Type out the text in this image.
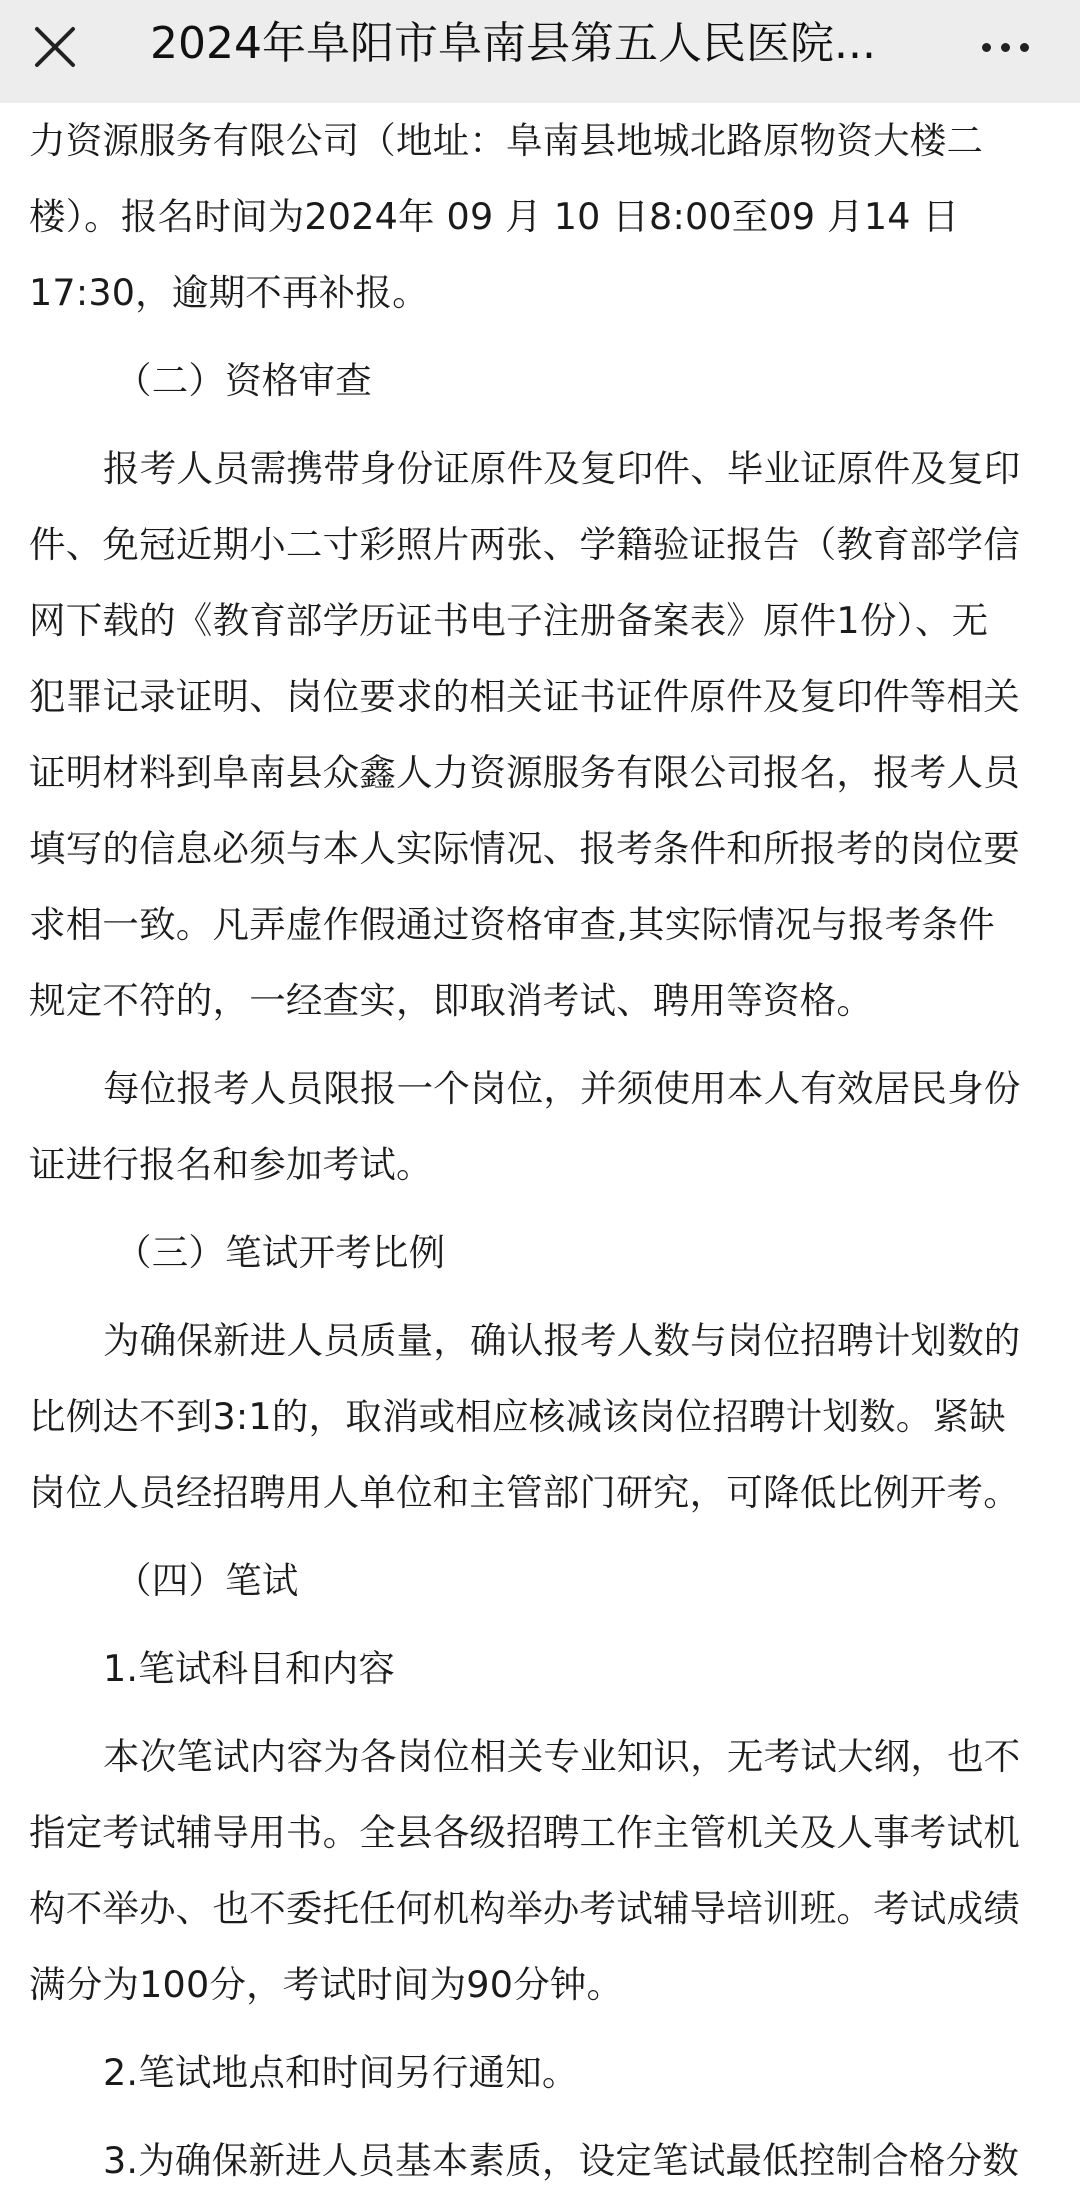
2024年阜阳市阜南县第五人民医院...
力资源服务有限公司（地址：阜南县地城北路原物资大楼二
楼）。报名时间为2024年 09 月 10 日8:00至09 月14 日
17:30，逾期不再补报。
（二）资格审查
报考人员需携带身份证原件及复印件、毕业证原件及复印
件、免冠近期小二寸彩照片两张、学籍验证报告（教育部学信
网下载的《教育部学历证书电子注册备案表》原件1份）、无
犯罪记录证明、岗位要求的相关证书证件原件及复印件等相关
证明材料到阜南县众鑫人力资源服务有限公司报名，报考人员
填写的信息必须与本人实际情况、报考条件和所报考的岗位要
求相一致。凡弄虚作假通过资格审查,其实际情况与报考条件
规定不符的，一经查实，即取消考试、聘用等资格。
每位报考人员限报一个岗位，并须使用本人有效居民身份
证进行报名和参加考试。
（三）笔试开考比例
为确保新进人员质量，确认报考人数与岗位招聘计划数的
比例达不到3:1的，取消或相应核减该岗位招聘计划数。紧缺
岗位人员经招聘用人单位和主管部门研究，可降低比例开考。
（四）笔试
1.笔试科目和内容
本次笔试内容为各岗位相关专业知识，无考试大纲，也不
指定考试辅导用书。全县各级招聘工作主管机关及人事考试机
构不举办、也不委托任何机构举办考试辅导培训班。考试成绩
满分为100分，考试时间为90分钟。
2.笔试地点和时间另行通知。
3.为确保新进人员基本素质，设定笔试最低控制合格分数
